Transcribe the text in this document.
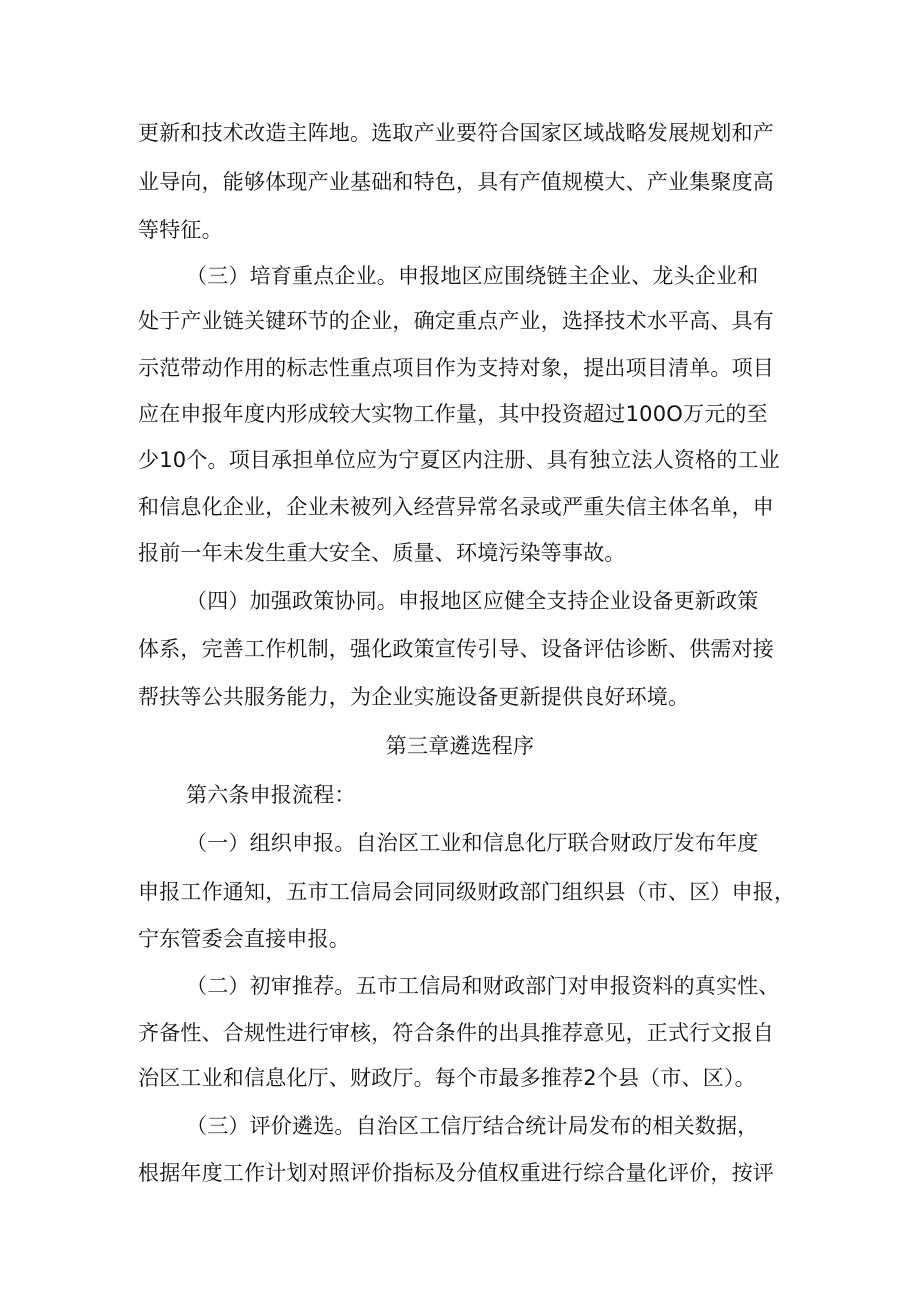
更新和技术改造主阵地。选取产业要符合国家区域战略发展规划和产
业导向，能够体现产业基础和特色，具有产值规模大、产业集聚度高
等特征。
（三）培育重点企业。申报地区应围绕链主企业、龙头企业和
处于产业链关键环节的企业，确定重点产业，选择技术水平高、具有
示范带动作用的标志性重点项目作为支持对象，提出项目清单。项目
应在申报年度内形成较大实物工作量，其中投资超过100O万元的至
少10个。项目承担单位应为宁夏区内注册、具有独立法人资格的工业
和信息化企业，企业未被列入经营异常名录或严重失信主体名单，申
报前一年未发生重大安全、质量、环境污染等事故。
（四）加强政策协同。申报地区应健全支持企业设备更新政策
体系，完善工作机制，强化政策宣传引导、设备评估诊断、供需对接
帮扶等公共服务能力，为企业实施设备更新提供良好环境。
第三章遴选程序
第六条申报流程：
（一）组织申报。自治区工业和信息化厅联合财政厅发布年度
申报工作通知，五市工信局会同同级财政部门组织县（市、区）申报，
宁东管委会直接申报。
（二）初审推荐。五市工信局和财政部门对申报资料的真实性、
齐备性、合规性进行审核，符合条件的出具推荐意见，正式行文报自
治区工业和信息化厅、财政厅。每个市最多推荐2个县（市、区）。
（三）评价遴选。自治区工信厅结合统计局发布的相关数据，
根据年度工作计划对照评价指标及分值权重进行综合量化评价，按评
